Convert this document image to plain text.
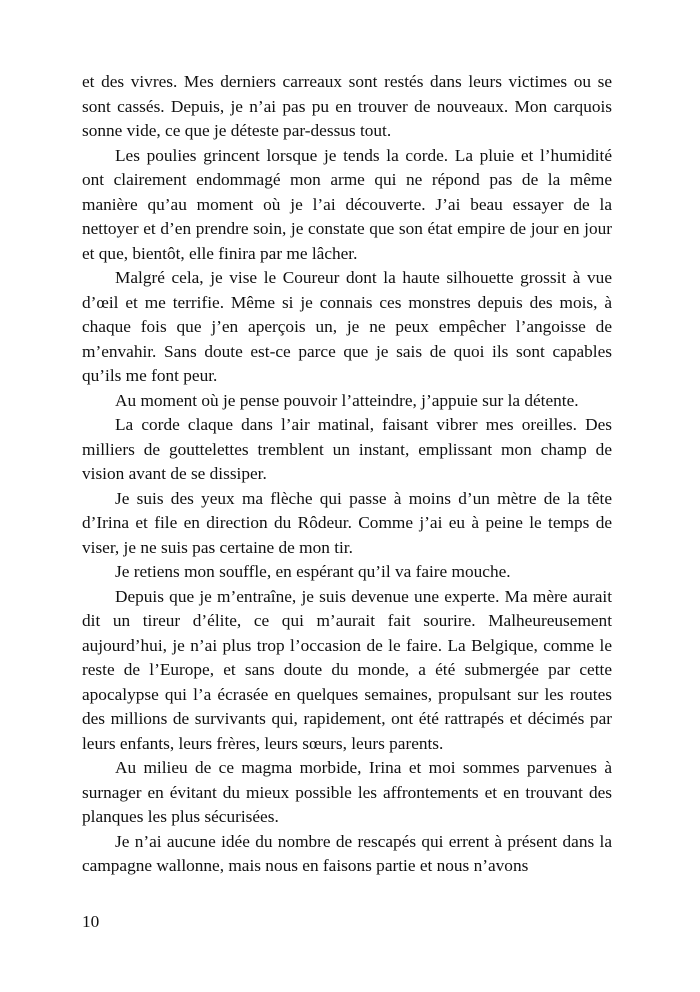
et des vivres. Mes derniers carreaux sont restés dans leurs victimes ou se sont cassés. Depuis, je n’ai pas pu en trouver de nouveaux. Mon carquois sonne vide, ce que je déteste par-dessus tout.

Les poulies grincent lorsque je tends la corde. La pluie et l’humidité ont clairement endommagé mon arme qui ne répond pas de la même manière qu’au moment où je l’ai découverte. J’ai beau essayer de la nettoyer et d’en prendre soin, je constate que son état empire de jour en jour et que, bientôt, elle finira par me lâcher.

Malgré cela, je vise le Coureur dont la haute silhouette grossit à vue d’œil et me terrifie. Même si je connais ces monstres depuis des mois, à chaque fois que j’en aperçois un, je ne peux empêcher l’angoisse de m’envahir. Sans doute est-ce parce que je sais de quoi ils sont capables qu’ils me font peur.

Au moment où je pense pouvoir l’atteindre, j’appuie sur la détente.

La corde claque dans l’air matinal, faisant vibrer mes oreilles. Des milliers de gouttelettes tremblent un instant, emplissant mon champ de vision avant de se dissiper.

Je suis des yeux ma flèche qui passe à moins d’un mètre de la tête d’Irina et file en direction du Rôdeur. Comme j’ai eu à peine le temps de viser, je ne suis pas certaine de mon tir.

Je retiens mon souffle, en espérant qu’il va faire mouche.

Depuis que je m’entraîne, je suis devenue une experte. Ma mère aurait dit un tireur d’élite, ce qui m’aurait fait sourire. Malheureusement aujourd’hui, je n’ai plus trop l’occasion de le faire. La Belgique, comme le reste de l’Europe, et sans doute du monde, a été submergée par cette apocalypse qui l’a écrasée en quelques semaines, propulsant sur les routes des millions de survivants qui, rapidement, ont été rattrapés et décimés par leurs enfants, leurs frères, leurs sœurs, leurs parents.

Au milieu de ce magma morbide, Irina et moi sommes parvenues à surnager en évitant du mieux possible les affrontements et en trouvant des planques les plus sécurisées.

Je n’ai aucune idée du nombre de rescapés qui errent à présent dans la campagne wallonne, mais nous en faisons partie et nous n’avons

10
